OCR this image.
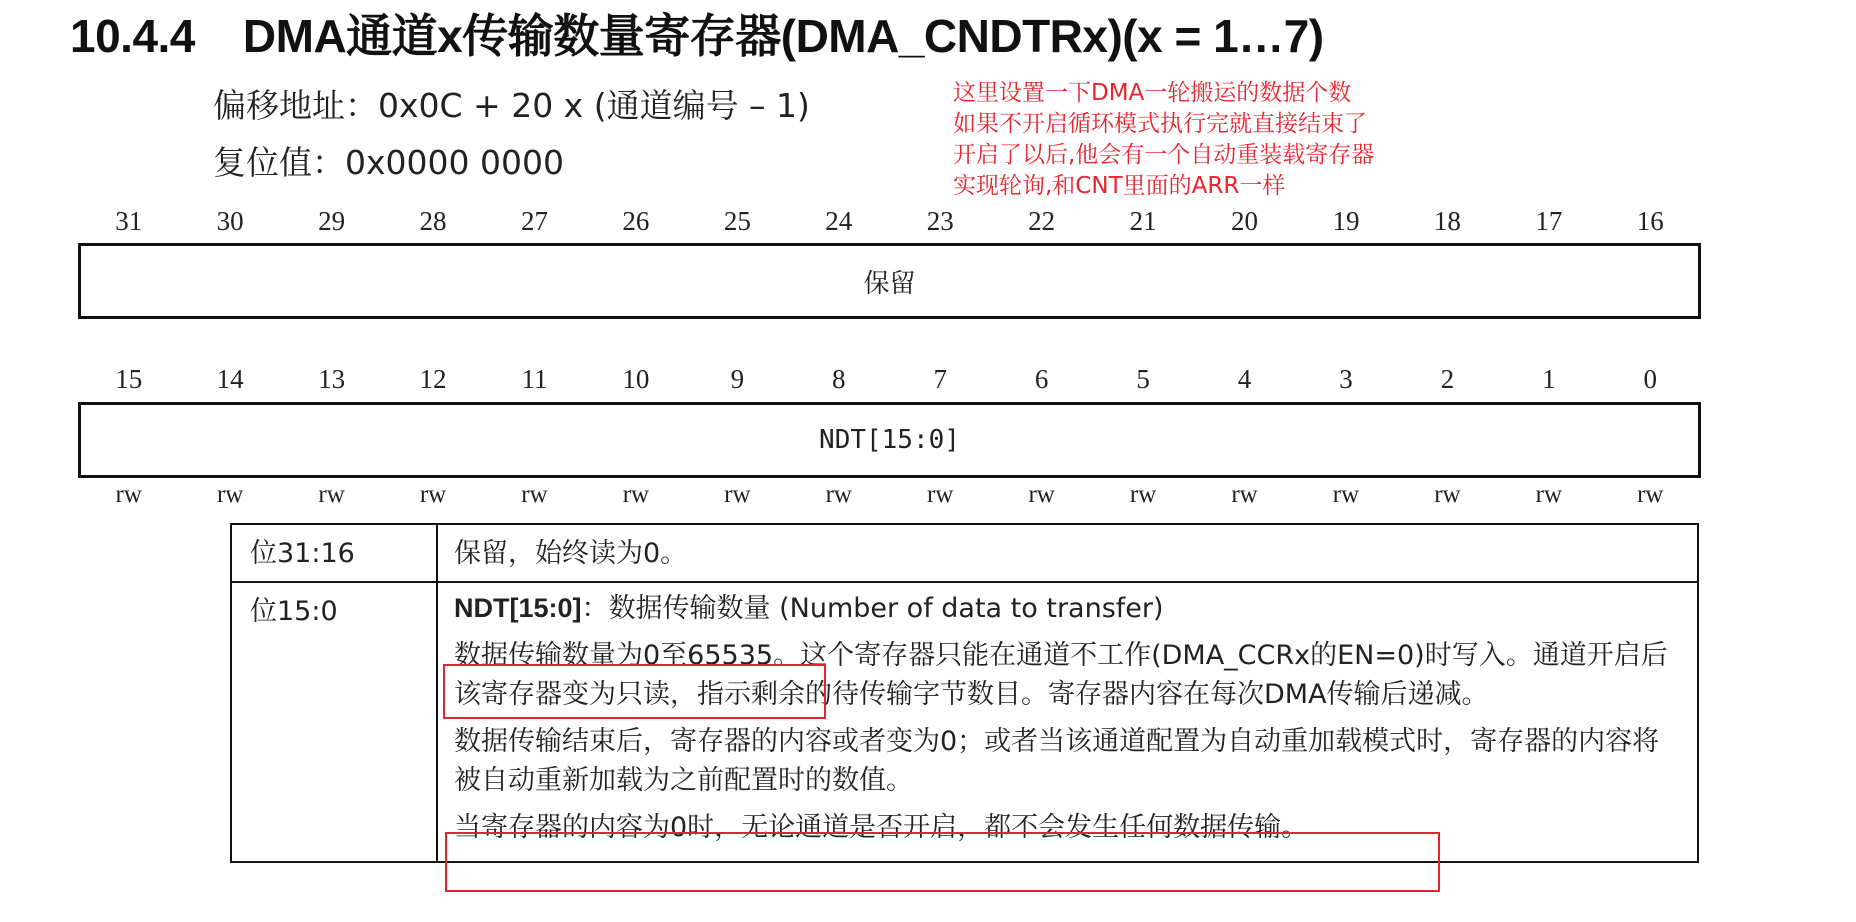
10.4.4 DMA通道x传输数量寄存器(DMA_CNDTRx)(x = 1…7)
偏移地址：0x0C + 20 x (通道编号 – 1)
复位值：0x0000 0000
这里设置一下DMA一轮搬运的数据个数
如果不开启循环模式执行完就直接结束了
开启了以后,他会有一个自动重装载寄存器
实现轮询,和CNT里面的ARR一样
31	30	29	28	27	26	25	24	23	22	21	20	19	18	17	16
保留
15	14	13	12	11	10	9	8	7	6	5	4	3	2	1	0
NDT[15:0]
rw	rw	rw	rw	rw	rw	rw	rw	rw	rw	rw	rw	rw	rw	rw	rw
位31:16	保留，始终读为0。
位15:0	NDT[15:0]：数据传输数量 (Number of data to transfer)

数据传输数量为0至65535。这个寄存器只能在通道不工作(DMA_CCRx的EN=0)时写入。通道开启后该寄存器变为只读，指示剩余的待传输字节数目。寄存器内容在每次DMA传输后递减。

数据传输结束后，寄存器的内容或者变为0；或者当该通道配置为自动重加载模式时，寄存器的内容将被自动重新加载为之前配置时的数值。

当寄存器的内容为0时，无论通道是否开启，都不会发生任何数据传输。
